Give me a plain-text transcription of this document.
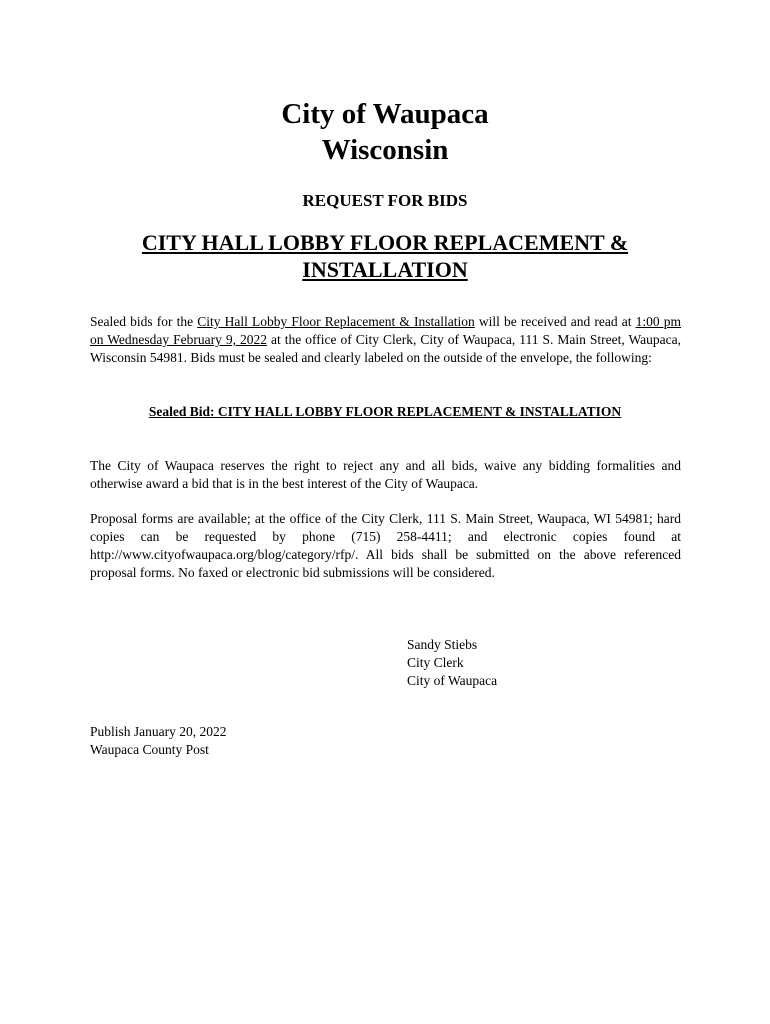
City of Waupaca
Wisconsin
REQUEST FOR BIDS
CITY HALL LOBBY FLOOR REPLACEMENT &
INSTALLATION
Sealed bids for the City Hall Lobby Floor Replacement & Installation will be received and read at 1:00 pm on Wednesday February 9, 2022 at the office of City Clerk, City of Waupaca, 111 S. Main Street, Waupaca, Wisconsin 54981. Bids must be sealed and clearly labeled on the outside of the envelope, the following:
Sealed Bid: CITY HALL LOBBY FLOOR REPLACEMENT & INSTALLATION
The City of Waupaca reserves the right to reject any and all bids, waive any bidding formalities and otherwise award a bid that is in the best interest of the City of Waupaca.
Proposal forms are available; at the office of the City Clerk, 111 S. Main Street, Waupaca, WI 54981; hard copies can be requested by phone (715) 258-4411; and electronic copies found at http://www.cityofwaupaca.org/blog/category/rfp/. All bids shall be submitted on the above referenced proposal forms. No faxed or electronic bid submissions will be considered.
Sandy Stiebs
City Clerk
City of Waupaca
Publish January 20, 2022
Waupaca County Post
